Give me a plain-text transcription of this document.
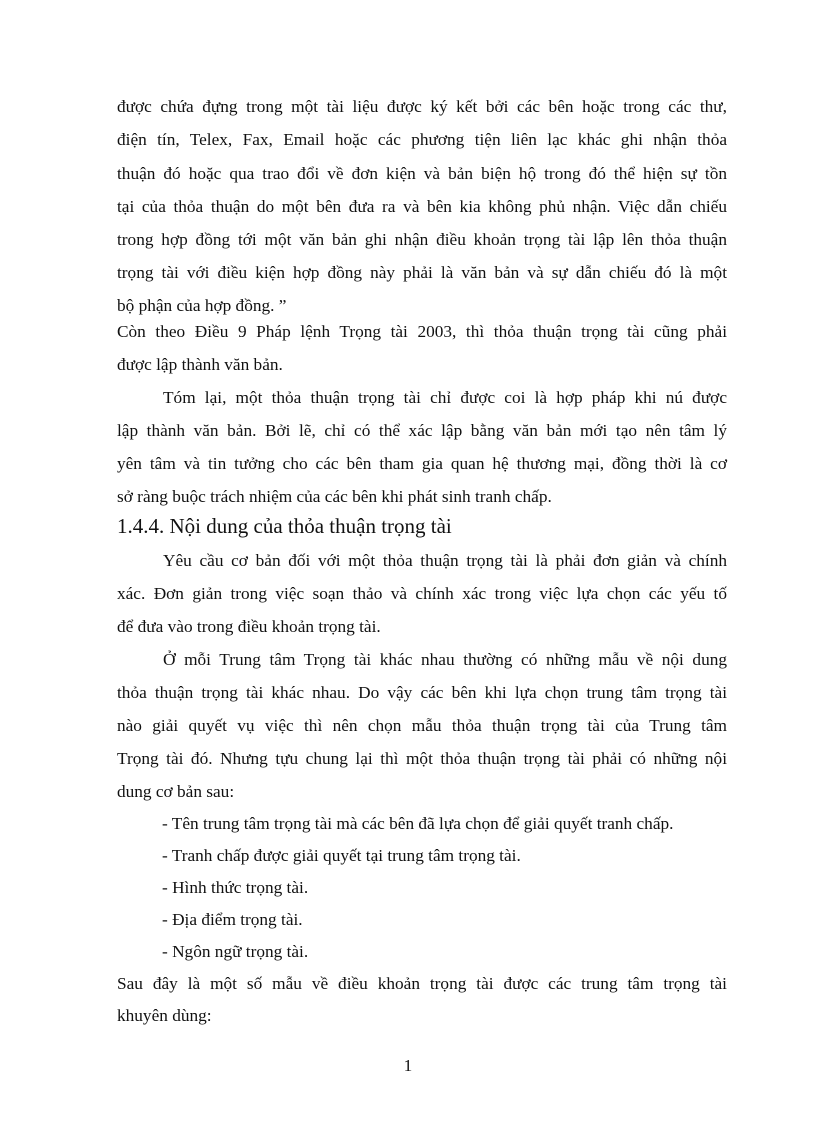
được chứa đựng trong một tài liệu được ký kết bởi các bên hoặc trong các thư,
điện tín, Telex, Fax, Email hoặc các phương tiện liên lạc khác ghi nhận thỏa
thuận đó hoặc qua trao đổi về đơn kiện và bản biện hộ trong đó thể hiện sự tồn
tại của thỏa thuận do một bên đưa ra và bên kia không phủ nhận. Việc dẫn chiếu
trong hợp đồng tới một văn bản ghi nhận điều khoản trọng tài lập lên thỏa thuận
trọng tài với điều kiện hợp đồng này phải là văn bản và sự dẫn chiếu đó là một
bộ phận của hợp đồng. ”
Còn theo Điều 9 Pháp lệnh Trọng tài 2003, thì thỏa thuận trọng tài cũng phải
được lập thành văn bản.
Tóm lại, một thỏa thuận trọng tài chỉ được coi là hợp pháp khi nú được
lập thành văn bản. Bởi lẽ, chỉ có thể xác lập bằng văn bản mới tạo nên tâm lý
yên tâm và tin tưởng cho các bên tham gia quan hệ thương mại, đồng thời là cơ
sở ràng buộc trách nhiệm của các bên khi phát sinh tranh chấp.
1.4.4. Nội dung của thỏa thuận trọng tài
Yêu cầu cơ bản đối với một thỏa thuận trọng tài là phải đơn giản và chính
xác. Đơn giản trong việc soạn thảo và chính xác trong việc lựa chọn các yếu tố
để đưa vào trong điều khoản trọng tài.
Ở mỗi Trung tâm Trọng tài khác nhau thường có những mẫu về nội dung
thỏa thuận trọng tài khác nhau. Do vậy các bên khi lựa chọn trung tâm trọng tài
nào giải quyết vụ việc thì nên chọn mẫu thỏa thuận trọng tài của Trung tâm
Trọng tài đó. Nhưng tựu chung lại thì một thỏa thuận trọng tài phải có những nội
dung cơ bản sau:
- Tên trung tâm trọng tài mà các bên đã lựa chọn để giải quyết tranh chấp.
- Tranh chấp được giải quyết tại trung tâm trọng tài.
- Hình thức trọng tài.
- Địa điểm trọng tài.
- Ngôn ngữ trọng tài.
Sau đây là một số mẫu về điều khoản trọng tài được các trung tâm trọng tài
khuyên dùng:
1
